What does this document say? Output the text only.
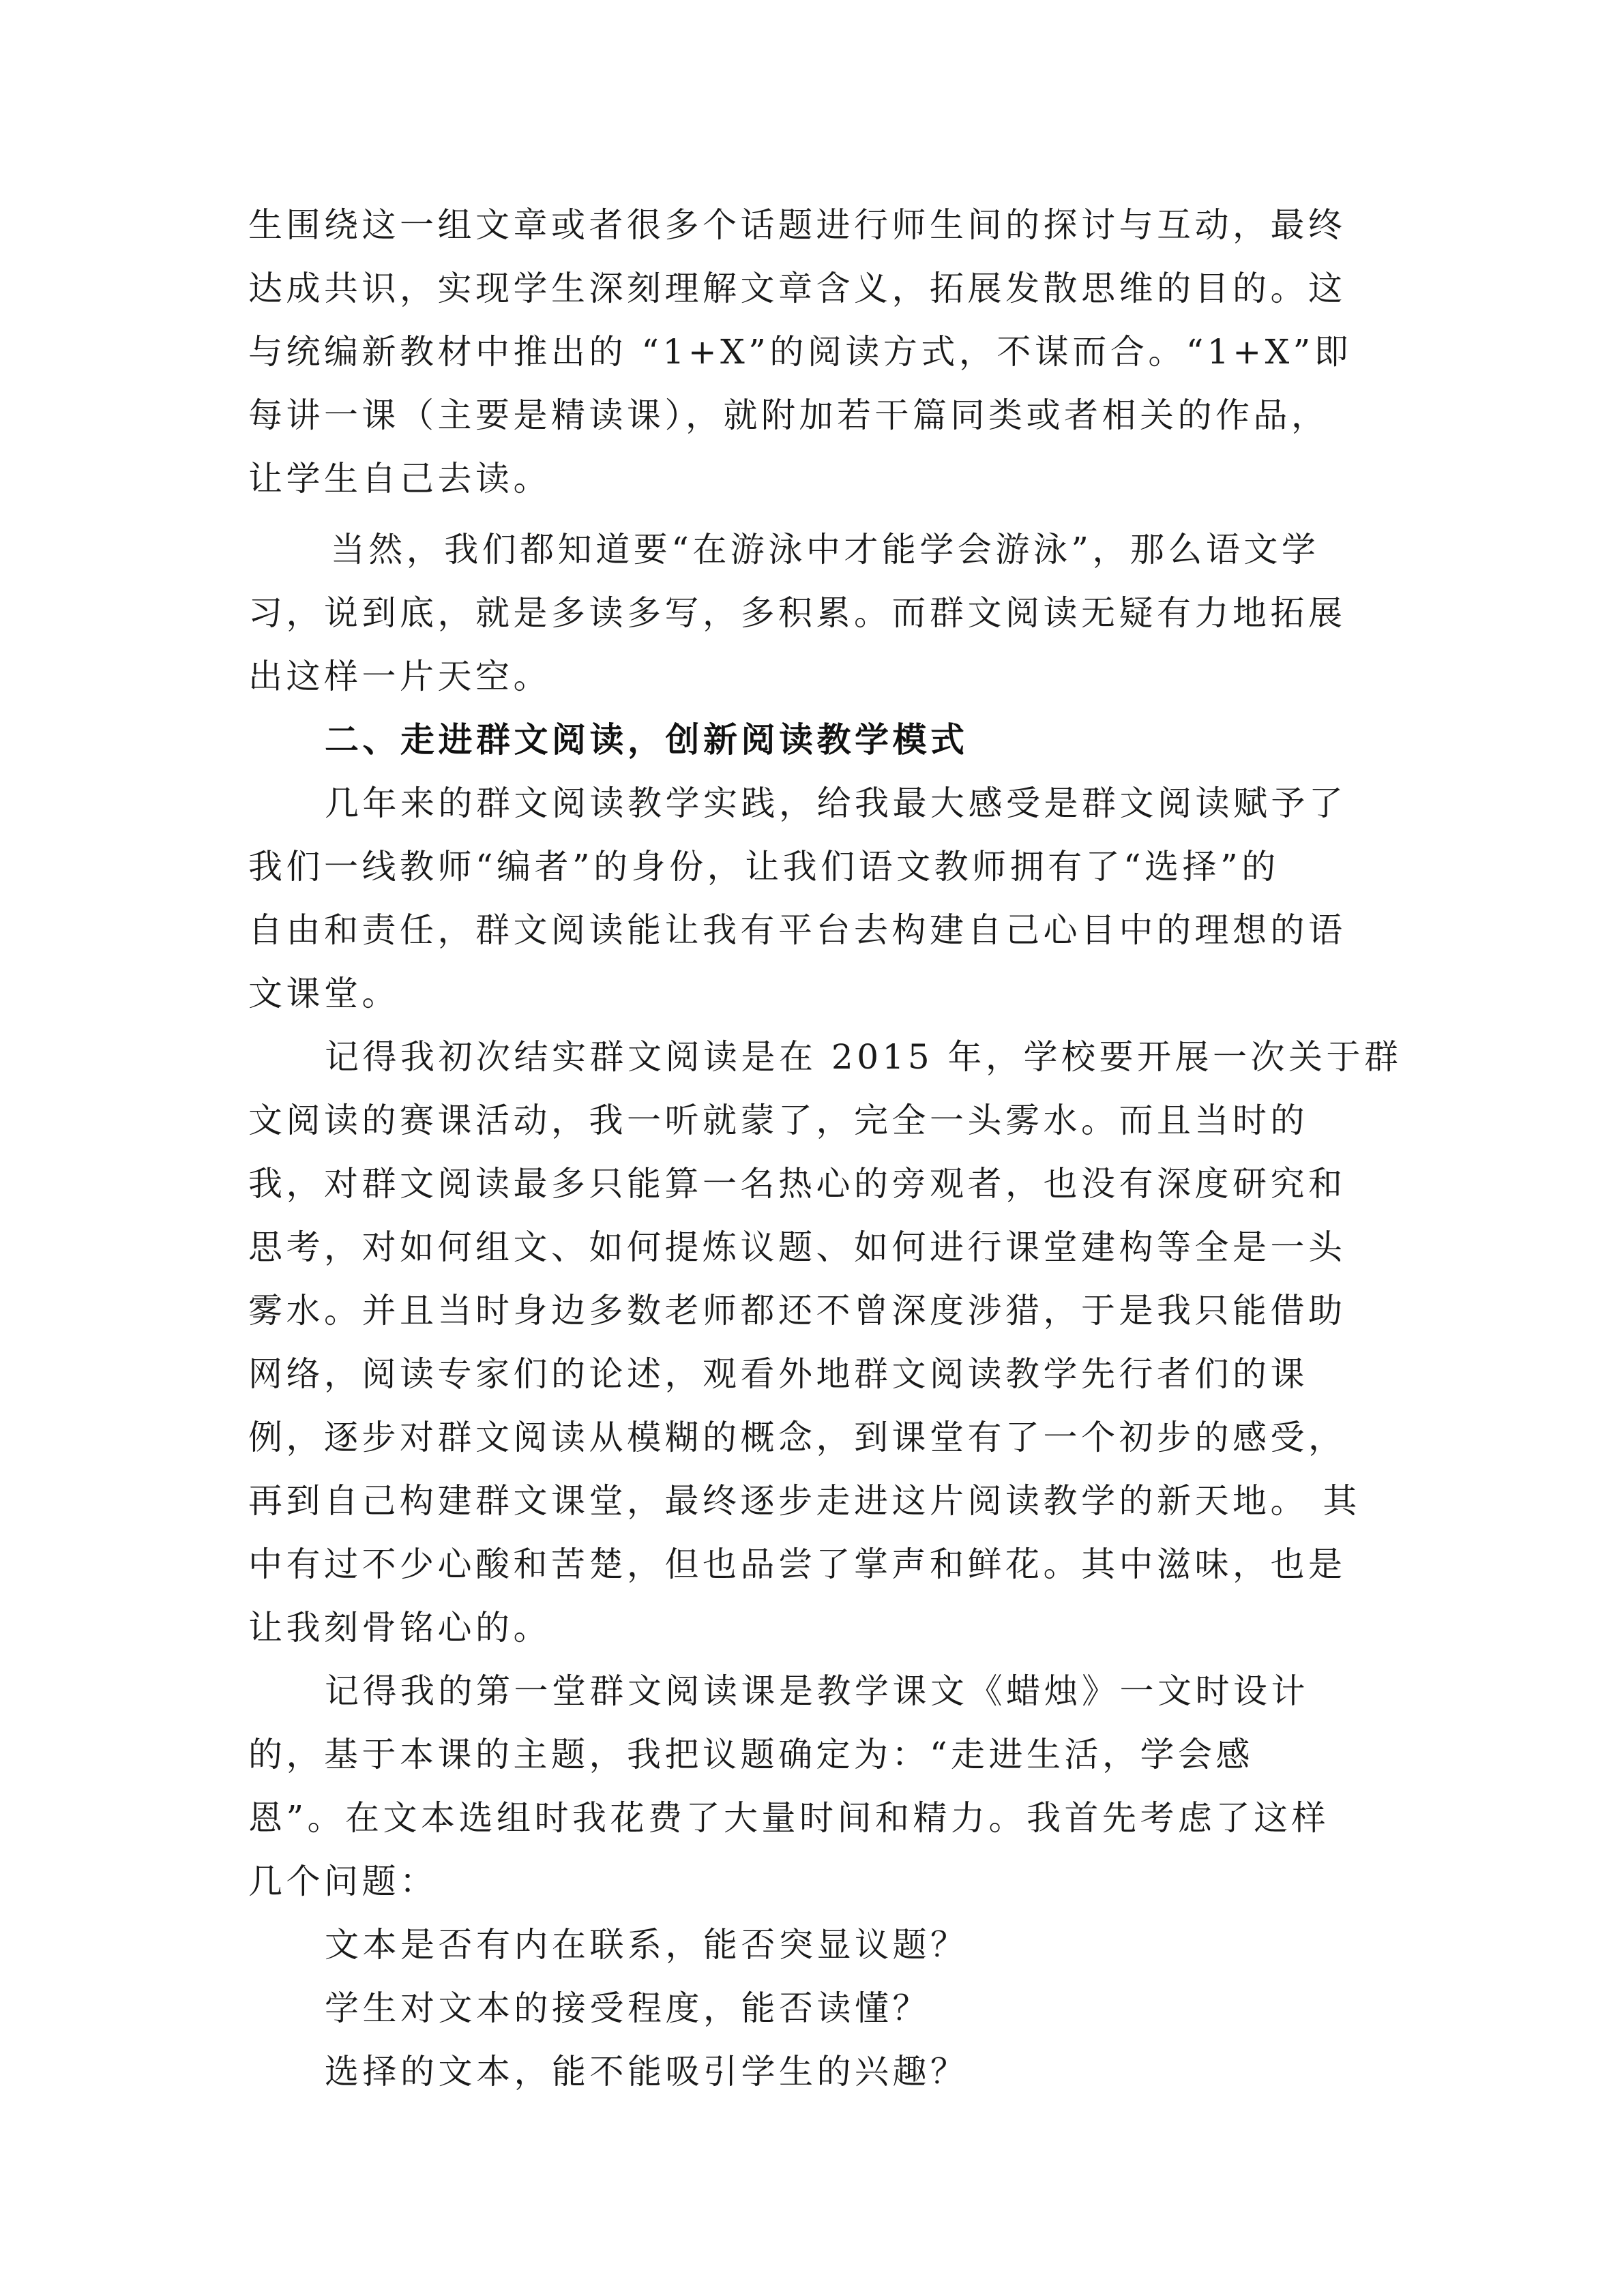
生围绕这一组文章或者很多个话题进行师生间的探讨与互动，最终
达成共识，实现学生深刻理解文章含义，拓展发散思维的目的。这
与统编新教材中推出的 “1+X”的阅读方式，不谋而合。“1+X”即
每讲一课（主要是精读课），就附加若干篇同类或者相关的作品，
让学生自己去读。
当然，我们都知道要“在游泳中才能学会游泳”，那么语文学
习，说到底，就是多读多写，多积累。而群文阅读无疑有力地拓展
出这样一片天空。
二、走进群文阅读，创新阅读教学模式
几年来的群文阅读教学实践，给我最大感受是群文阅读赋予了
我们一线教师“编者”的身份，让我们语文教师拥有了“选择”的
自由和责任，群文阅读能让我有平台去构建自己心目中的理想的语
文课堂。
记得我初次结实群文阅读是在 2015 年，学校要开展一次关于群
文阅读的赛课活动，我一听就蒙了，完全一头雾水。而且当时的
我，对群文阅读最多只能算一名热心的旁观者，也没有深度研究和
思考，对如何组文、如何提炼议题、如何进行课堂建构等全是一头
雾水。并且当时身边多数老师都还不曾深度涉猎，于是我只能借助
网络，阅读专家们的论述，观看外地群文阅读教学先行者们的课
例，逐步对群文阅读从模糊的概念，到课堂有了一个初步的感受，
再到自己构建群文课堂，最终逐步走进这片阅读教学的新天地。 其
中有过不少心酸和苦楚，但也品尝了掌声和鲜花。其中滋味，也是
让我刻骨铭心的。
记得我的第一堂群文阅读课是教学课文《蜡烛》一文时设计
的，基于本课的主题，我把议题确定为：“走进生活，学会感
恩”。在文本选组时我花费了大量时间和精力。我首先考虑了这样
几个问题：
文本是否有内在联系，能否突显议题？
学生对文本的接受程度，能否读懂？
选择的文本，能不能吸引学生的兴趣？
